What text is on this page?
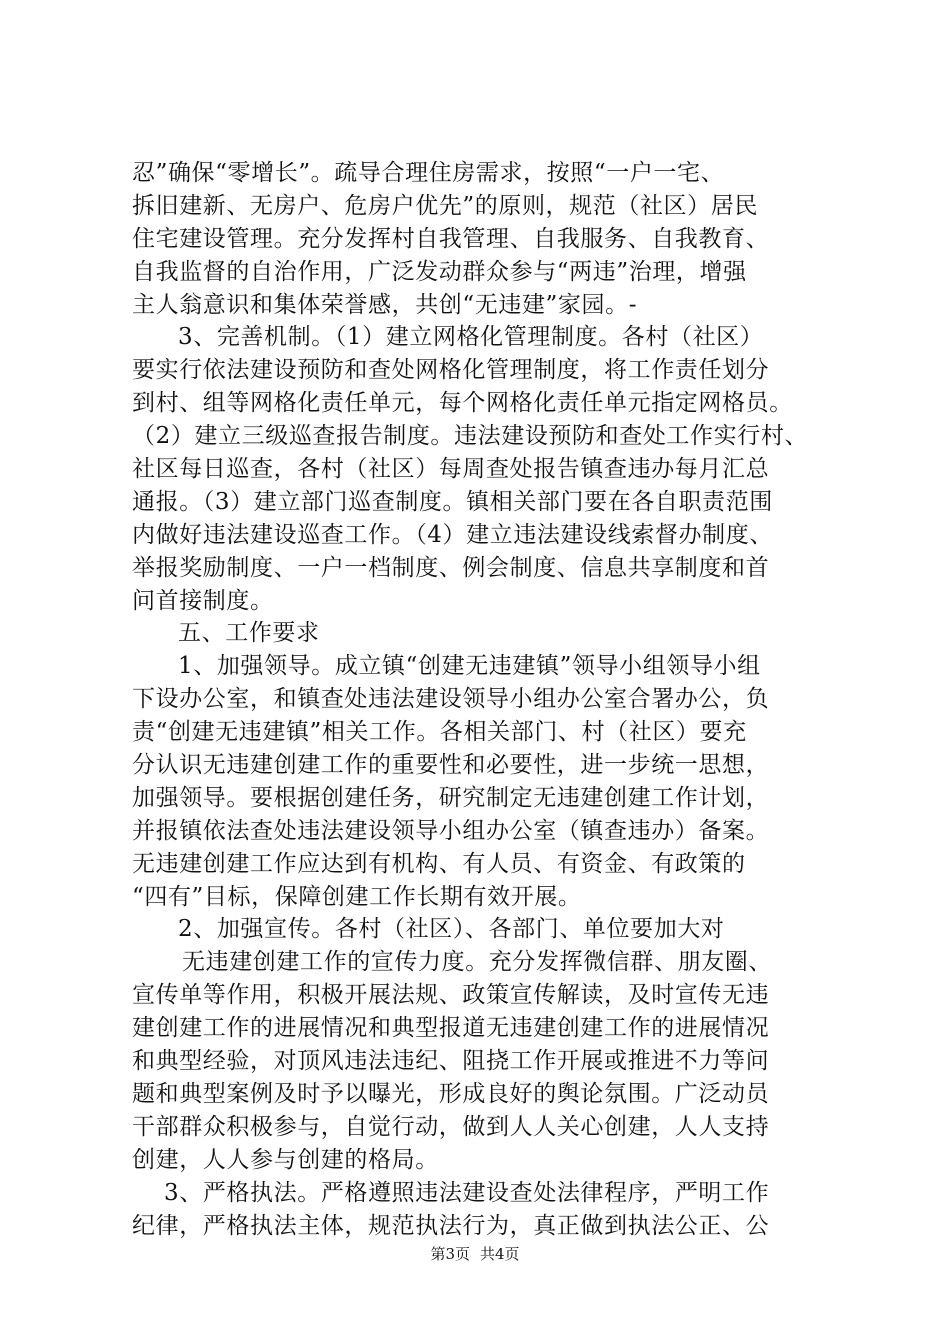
忍”确保“零增长”。疏导合理住房需求，按照“一户一宅、
拆旧建新、无房户、危房户优先”的原则，规范（社区）居民
住宅建设管理。充分发挥村自我管理、自我服务、自我教育、
自我监督的自治作用，广泛发动群众参与“两违”治理，增强
主人翁意识和集体荣誉感，共创“无违建”家园。-
3、完善机制。（1）建立网格化管理制度。各村（社区）
要实行依法建设预防和查处网格化管理制度，将工作责任划分
到村、组等网格化责任单元，每个网格化责任单元指定网格员。
（2）建立三级巡查报告制度。违法建设预防和查处工作实行村、
社区每日巡查，各村（社区）每周查处报告镇查违办每月汇总
通报。（3）建立部门巡查制度。镇相关部门要在各自职责范围
内做好违法建设巡查工作。（4）建立违法建设线索督办制度、
举报奖励制度、一户一档制度、例会制度、信息共享制度和首
问首接制度。
五、工作要求
1、加强领导。成立镇“创建无违建镇”领导小组领导小组
下设办公室，和镇查处违法建设领导小组办公室合署办公，负
责“创建无违建镇”相关工作。各相关部门、村（社区）要充
分认识无违建创建工作的重要性和必要性，进一步统一思想，
加强领导。要根据创建任务，研究制定无违建创建工作计划，
并报镇依法查处违法建设领导小组办公室（镇查违办）备案。
无违建创建工作应达到有机构、有人员、有资金、有政策的
“四有”目标，保障创建工作长期有效开展。
2、加强宣传。各村（社区）、各部门、单位要加大对
无违建创建工作的宣传力度。充分发挥微信群、朋友圈、
宣传单等作用，积极开展法规、政策宣传解读，及时宣传无违
建创建工作的进展情况和典型报道无违建创建工作的进展情况
和典型经验，对顶风违法违纪、阻挠工作开展或推进不力等问
题和典型案例及时予以曝光，形成良好的舆论氛围。广泛动员
干部群众积极参与，自觉行动，做到人人关心创建，人人支持
创建，人人参与创建的格局。
3、严格执法。严格遵照违法建设查处法律程序，严明工作
纪律，严格执法主体，规范执法行为，真正做到执法公正、公
第3页 共4页
